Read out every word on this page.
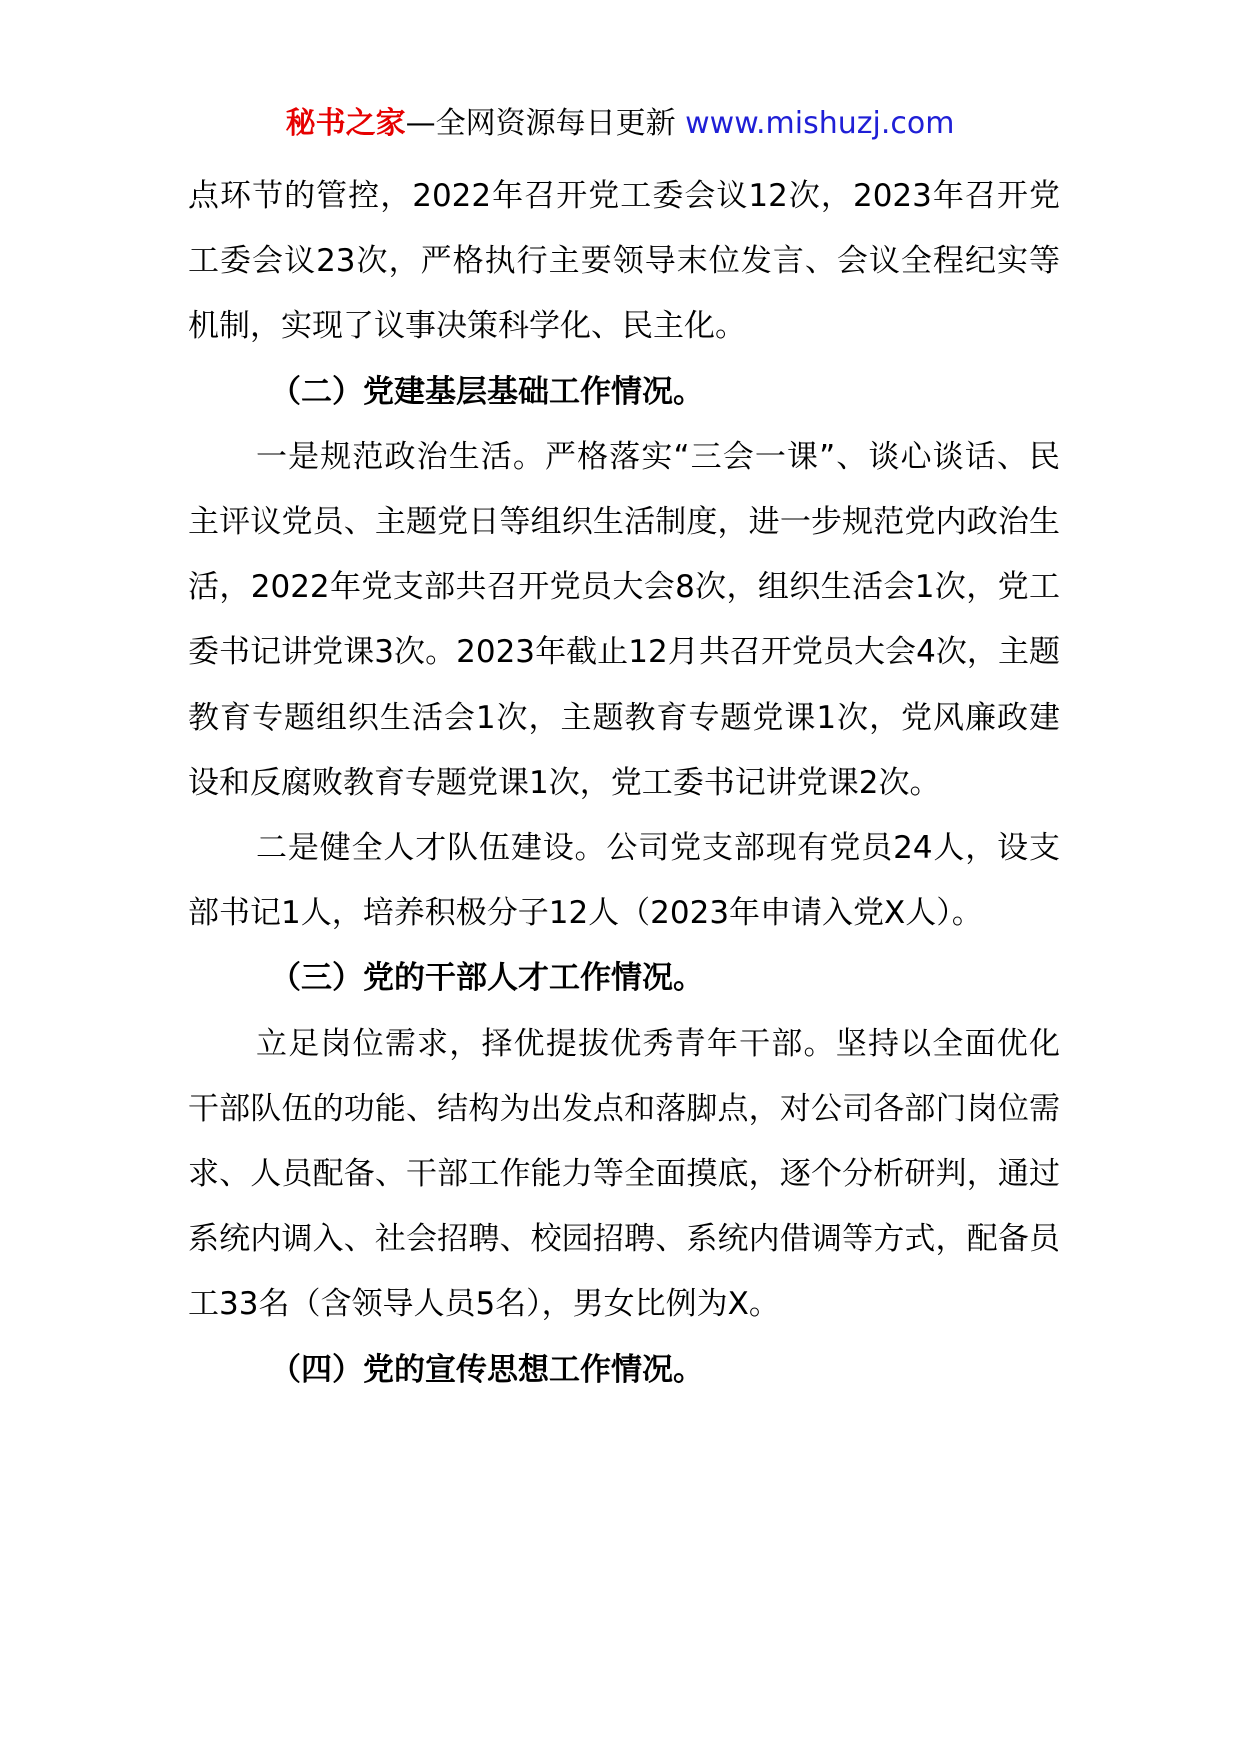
秘书之家—全网资源每日更新 www.mishuzj.com

点环节的管控，2022年召开党工委会议12次，2023年召开党工委会议23次，严格执行主要领导末位发言、会议全程纪实等机制，实现了议事决策科学化、民主化。

（二）党建基层基础工作情况。

一是规范政治生活。严格落实“三会一课”、谈心谈话、民主评议党员、主题党日等组织生活制度，进一步规范党内政治生活，2022年党支部共召开党员大会8次，组织生活会1次，党工委书记讲党课3次。2023年截止12月共召开党员大会4次，主题教育专题组织生活会1次，主题教育专题党课1次，党风廉政建设和反腐败教育专题党课1次，党工委书记讲党课2次。

二是健全人才队伍建设。公司党支部现有党员24人，设支部书记1人，培养积极分子12人（2023年申请入党X人）。

（三）党的干部人才工作情况。

立足岗位需求，择优提拔优秀青年干部。坚持以全面优化干部队伍的功能、结构为出发点和落脚点，对公司各部门岗位需求、人员配备、干部工作能力等全面摸底，逐个分析研判，通过系统内调入、社会招聘、校园招聘、系统内借调等方式，配备员工33名（含领导人员5名），男女比例为X。

（四）党的宣传思想工作情况。
